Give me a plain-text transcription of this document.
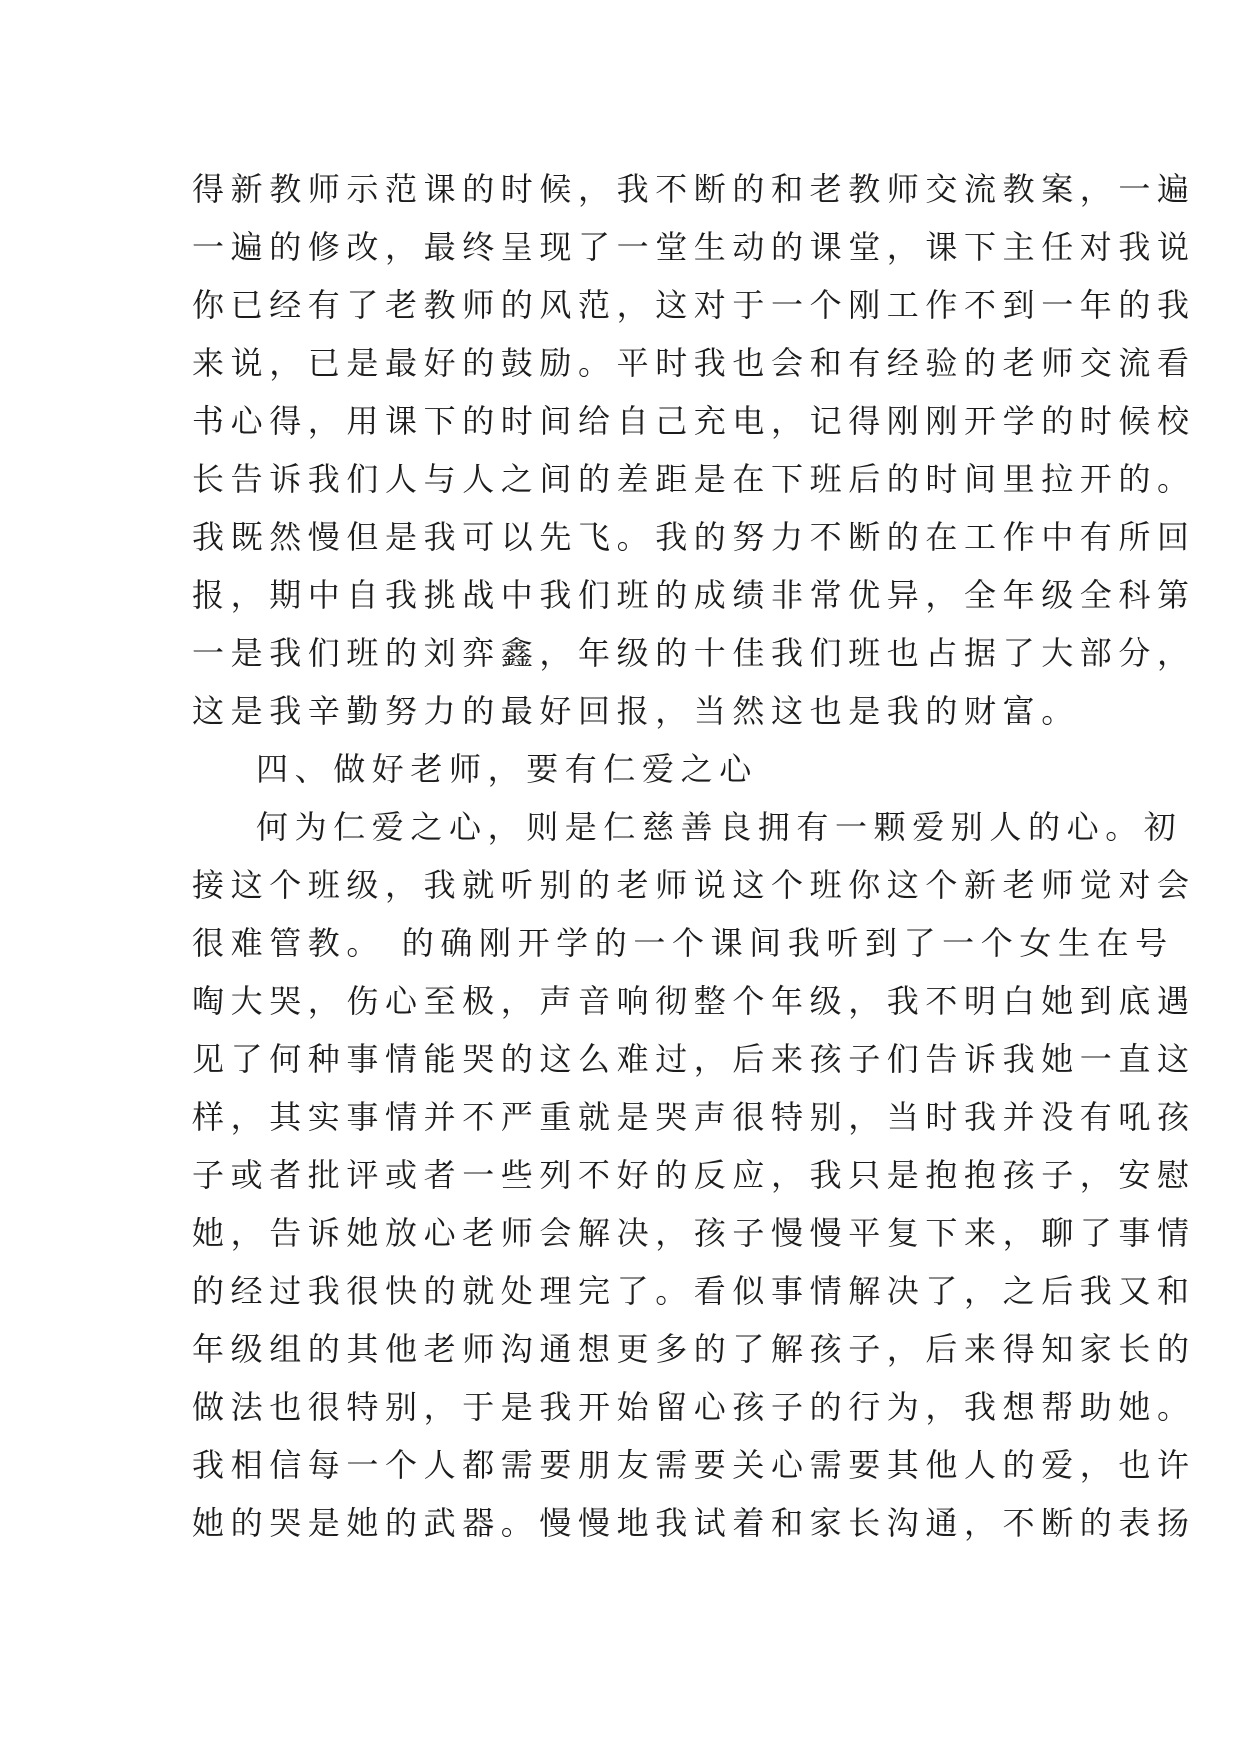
得新教师示范课的时候，我不断的和老教师交流教案，一遍
一遍的修改，最终呈现了一堂生动的课堂，课下主任对我说
你已经有了老教师的风范，这对于一个刚工作不到一年的我
来说，已是最好的鼓励。平时我也会和有经验的老师交流看
书心得，用课下的时间给自己充电，记得刚刚开学的时候校
长告诉我们人与人之间的差距是在下班后的时间里拉开的。
我既然慢但是我可以先飞。我的努力不断的在工作中有所回
报，期中自我挑战中我们班的成绩非常优异，全年级全科第
一是我们班的刘弈鑫，年级的十佳我们班也占据了大部分，
这是我辛勤努力的最好回报，当然这也是我的财富。
四、做好老师，要有仁爱之心
何为仁爱之心，则是仁慈善良拥有一颗爱别人的心。初
接这个班级，我就听别的老师说这个班你这个新老师觉对会
很难管教。 的确刚开学的一个课间我听到了一个女生在号
啕大哭，伤心至极，声音响彻整个年级，我不明白她到底遇
见了何种事情能哭的这么难过，后来孩子们告诉我她一直这
样，其实事情并不严重就是哭声很特别，当时我并没有吼孩
子或者批评或者一些列不好的反应，我只是抱抱孩子，安慰
她，告诉她放心老师会解决，孩子慢慢平复下来，聊了事情
的经过我很快的就处理完了。看似事情解决了，之后我又和
年级组的其他老师沟通想更多的了解孩子，后来得知家长的
做法也很特别，于是我开始留心孩子的行为，我想帮助她。
我相信每一个人都需要朋友需要关心需要其他人的爱，也许
她的哭是她的武器。慢慢地我试着和家长沟通，不断的表扬
